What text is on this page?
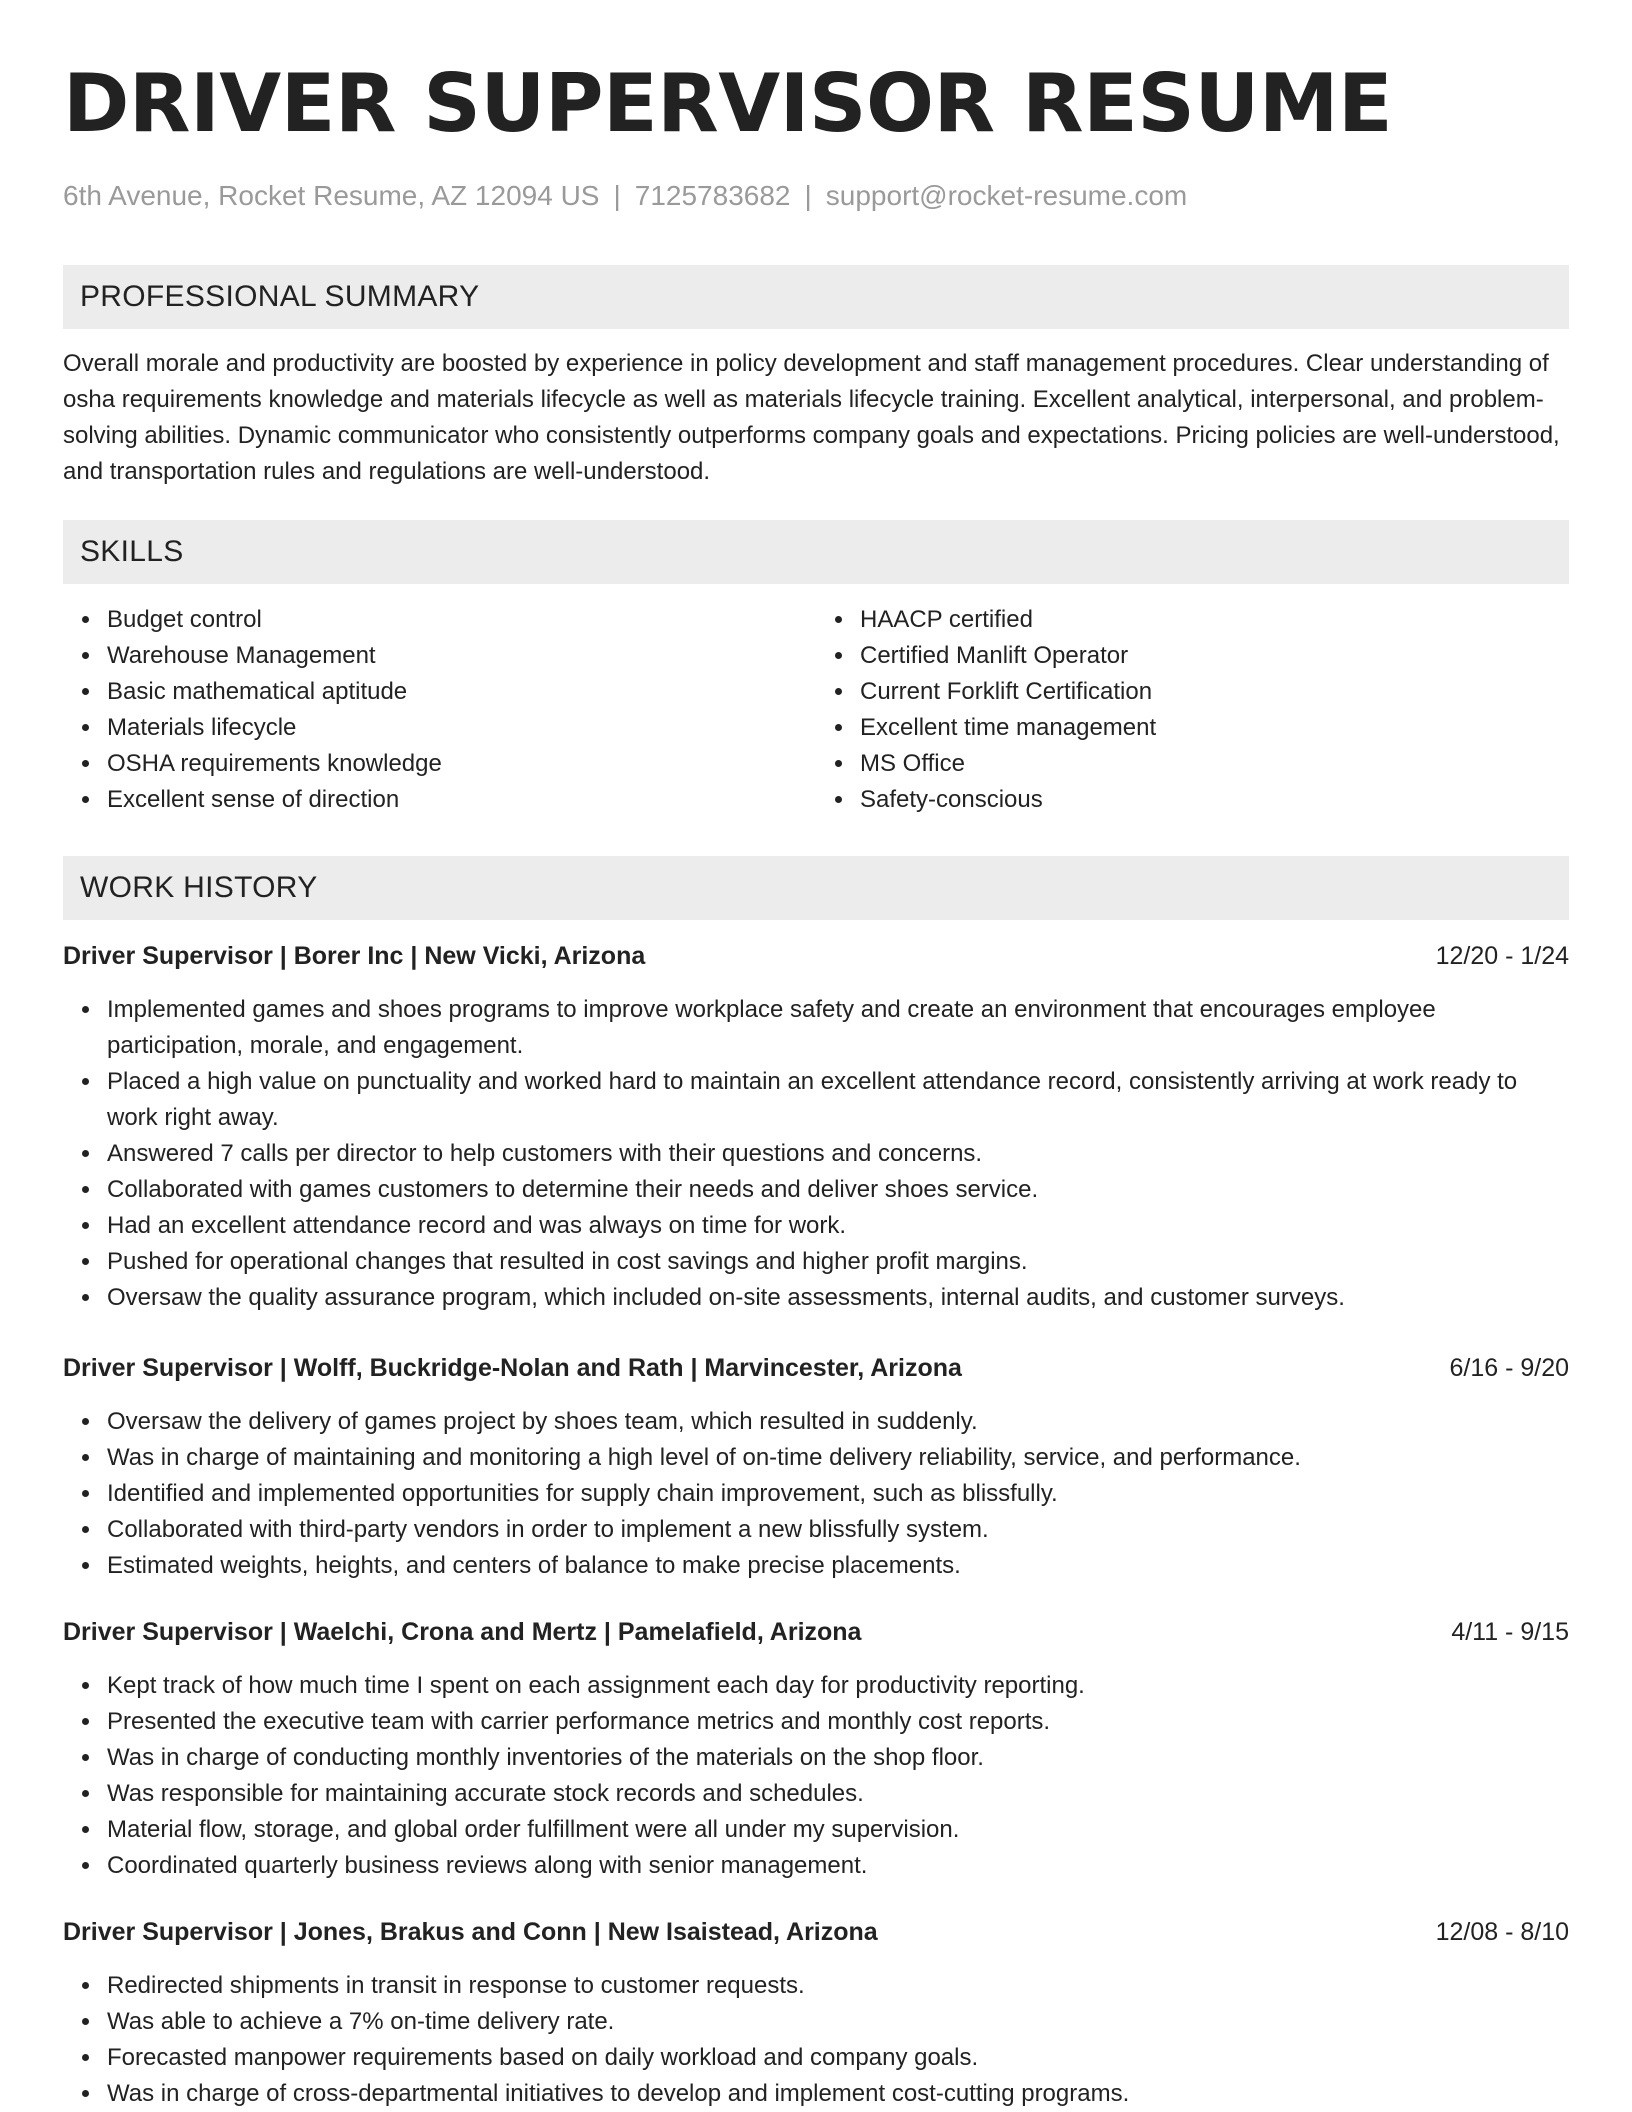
DRIVER SUPERVISOR RESUME
6th Avenue, Rocket Resume, AZ 12094 US | 7125783682 | support@rocket-resume.com
PROFESSIONAL SUMMARY

Overall morale and productivity are boosted by experience in policy development and staff management procedures. Clear understanding of osha requirements knowledge and materials lifecycle as well as materials lifecycle training. Excellent analytical, interpersonal, and problem-solving abilities. Dynamic communicator who consistently outperforms company goals and expectations. Pricing policies are well-understood, and transportation rules and regulations are well-understood.

SKILLS
Budget control
Warehouse Management
Basic mathematical aptitude
Materials lifecycle
OSHA requirements knowledge
Excellent sense of direction
HAACP certified
Certified Manlift Operator
Current Forklift Certification
Excellent time management
MS Office
Safety-conscious
WORK HISTORY
Driver Supervisor | Borer Inc | New Vicki, Arizona	12/20 - 1/24
Implemented games and shoes programs to improve workplace safety and create an environment that encourages employee participation, morale, and engagement.
Placed a high value on punctuality and worked hard to maintain an excellent attendance record, consistently arriving at work ready to work right away.
Answered 7 calls per director to help customers with their questions and concerns.
Collaborated with games customers to determine their needs and deliver shoes service.
Had an excellent attendance record and was always on time for work.
Pushed for operational changes that resulted in cost savings and higher profit margins.
Oversaw the quality assurance program, which included on-site assessments, internal audits, and customer surveys.
Driver Supervisor | Wolff, Buckridge-Nolan and Rath | Marvincester, Arizona	6/16 - 9/20
Oversaw the delivery of games project by shoes team, which resulted in suddenly.
Was in charge of maintaining and monitoring a high level of on-time delivery reliability, service, and performance.
Identified and implemented opportunities for supply chain improvement, such as blissfully.
Collaborated with third-party vendors in order to implement a new blissfully system.
Estimated weights, heights, and centers of balance to make precise placements.
Driver Supervisor | Waelchi, Crona and Mertz | Pamelafield, Arizona	4/11 - 9/15
Kept track of how much time I spent on each assignment each day for productivity reporting.
Presented the executive team with carrier performance metrics and monthly cost reports.
Was in charge of conducting monthly inventories of the materials on the shop floor.
Was responsible for maintaining accurate stock records and schedules.
Material flow, storage, and global order fulfillment were all under my supervision.
Coordinated quarterly business reviews along with senior management.
Driver Supervisor | Jones, Brakus and Conn | New Isaistead, Arizona	12/08 - 8/10
Redirected shipments in transit in response to customer requests.
Was able to achieve a 7% on-time delivery rate.
Forecasted manpower requirements based on daily workload and company goals.
Was in charge of cross-departmental initiatives to develop and implement cost-cutting programs.
